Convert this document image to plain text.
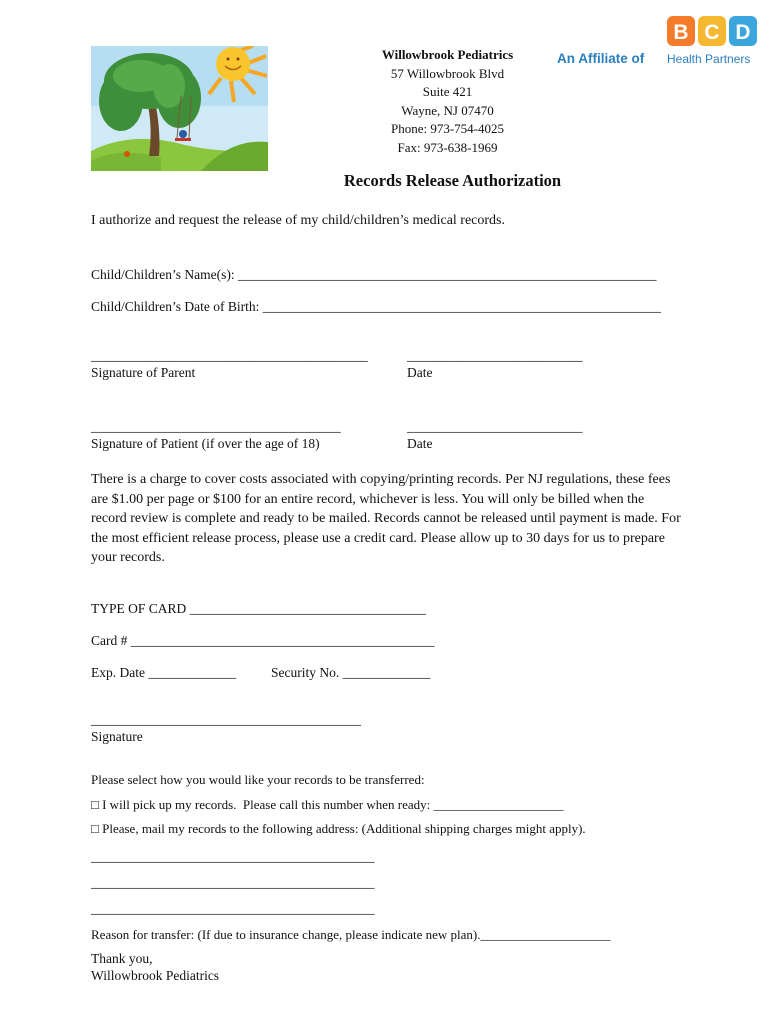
Willowbrook Pediatrics
57 Willowbrook Blvd
Suite 421
Wayne, NJ 07470
Phone: 973-754-4025
Fax: 973-638-1969
B C D
An Affiliate of Health Partners
Records Release Authorization
I authorize and request the release of my child/children’s medical records.
Child/Children’s Name(s): ______________________________________________________________
Child/Children’s Date of Birth: ___________________________________________________________
_________________________________________
Signature of Parent
__________________________
Date
_____________________________________
Signature of Patient (if over the age of 18)
__________________________
Date
There is a charge to cover costs associated with copying/printing records. Per NJ regulations, these fees are $1.00 per page or $100 for an entire record, whichever is less. You will only be billed when the record review is complete and ready to be mailed. Records cannot be released until payment is made. For the most efficient release process, please use a credit card. Please allow up to 30 days for us to prepare your records.
TYPE OF CARD ___________________________________
Card # _____________________________________________
Exp. Date _____________	Security No. _____________
________________________________________
Signature
Please select how you would like your records to be transferred:
□ I will pick up my records.  Please call this number when ready: ____________________
□ Please, mail my records to the following address: (Additional shipping charges might apply).
__________________________________________
__________________________________________
__________________________________________
Reason for transfer: (If due to insurance change, please indicate new plan).____________________
Thank you,
Willowbrook Pediatrics
